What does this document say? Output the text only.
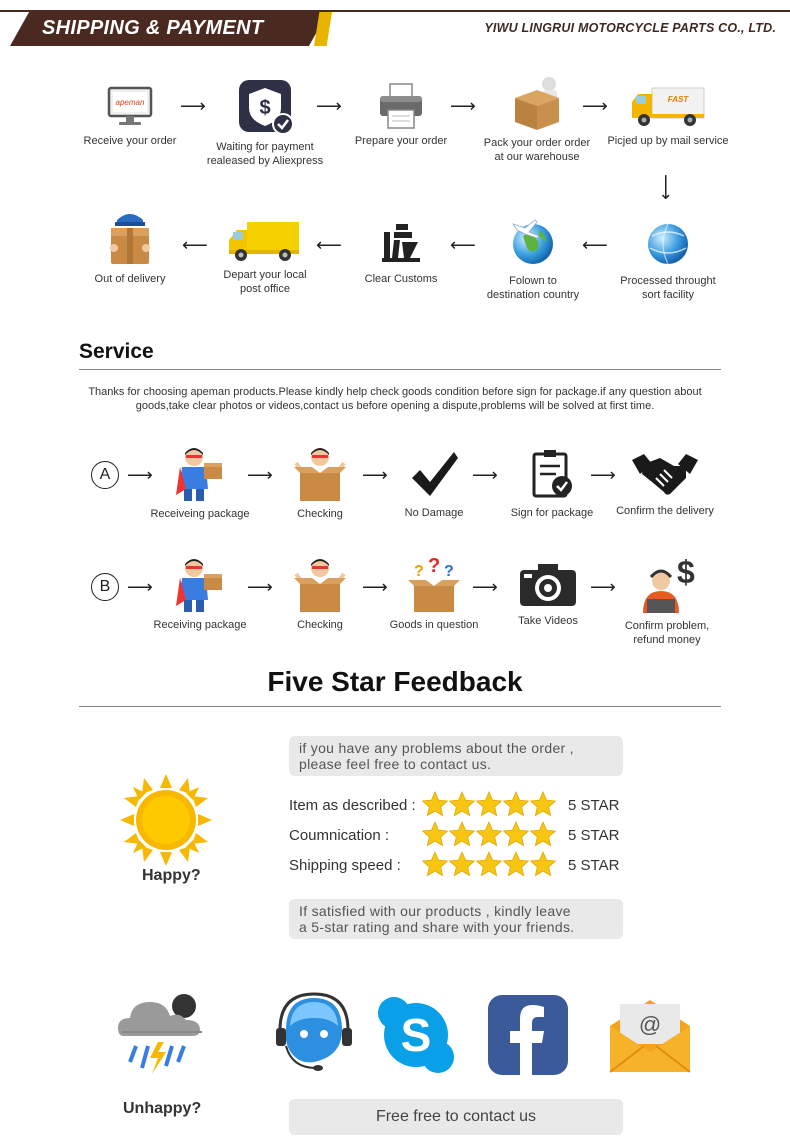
SHIPPING & PAYMENT	YIWU LINGRUI MOTORCYCLE PARTS CO., LTD.
apeman
Receive your order
⟶	$
Waiting for payment
realeased by Aliexpress
⟶
Prepare your order
⟶
Pack your order order
at our warehouse
⟶	FAST
Picjed up by mail service
⟶
Processed throught
sort facility
⟵
Folown to
destination country
⟵
Clear Customs
⟵
Depart your local
post office
⟵
Out of delivery
Service
Thanks for choosing apeman products.Please kindly help check goods condition before sign for package.if any question about goods,take clear photos or videos,contact us before opening a dispute,problems will be solved at first time.
A ⟶
Receiveing package
⟶
Checking
⟶
No Damage
⟶
Sign for package
⟶
Confirm the delivery
B ⟶
Receiving package
⟶
Checking
⟶
? ? ?
Goods in question
⟶
Take Videos
⟶ $
Confirm problem,
refund money
Five Star Feedback
if you have any problems about the order ,
please feel free to contact us.
Happy?
Item as described :	5 STAR
Coumnication :	5 STAR
Shipping speed :	5 STAR
If satisfied with our products , kindly leave
a 5-star rating and share with your friends.
Unhappy?
S	@
Free free to contact us
